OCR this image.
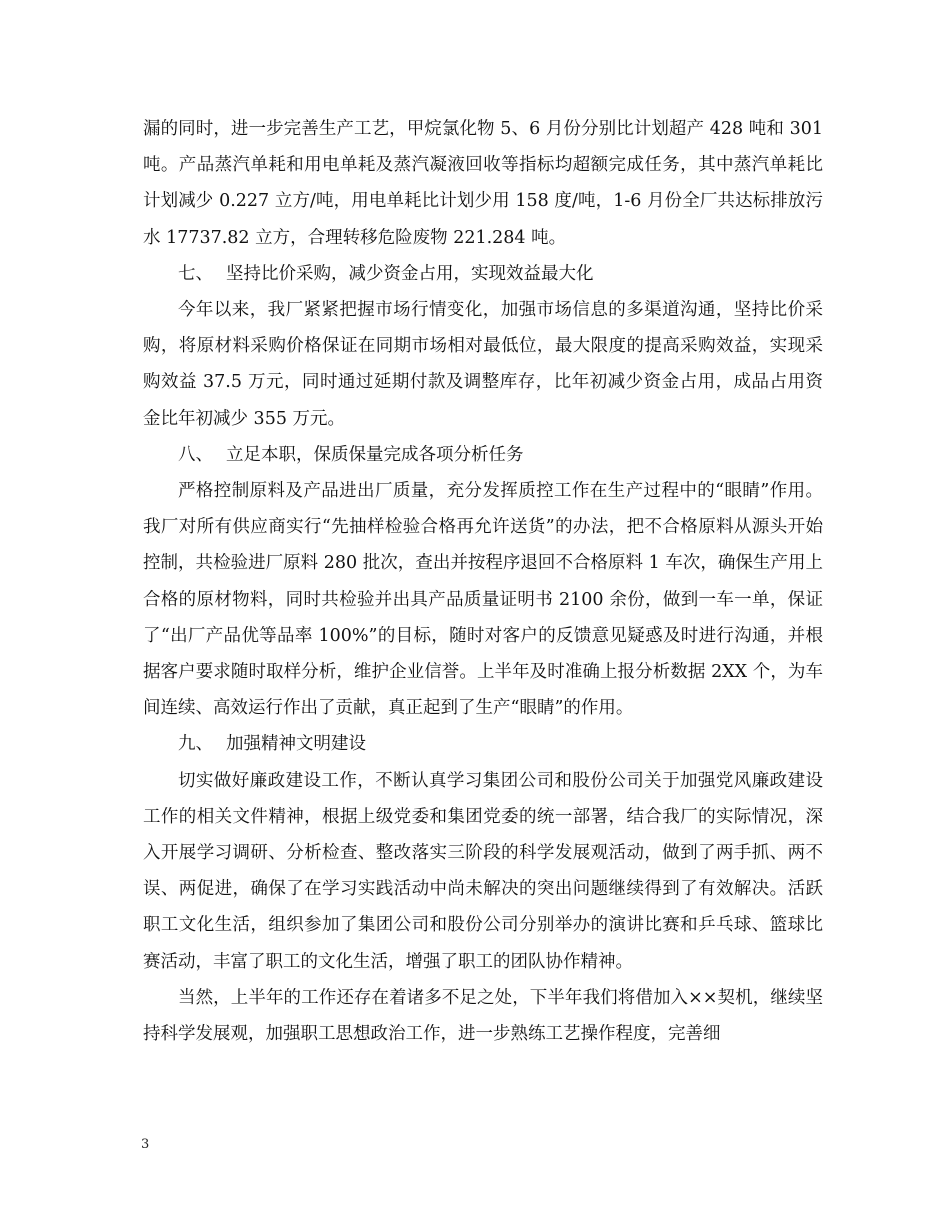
漏的同时，进一步完善生产工艺，甲烷氯化物 5、6 月份分别比计划超产 428 吨和 301 吨。产品蒸汽单耗和用电单耗及蒸汽凝液回收等指标均超额完成任务，其中蒸汽单耗比计划减少 0.227 立方/吨，用电单耗比计划少用 158 度/吨，1-6 月份全厂共达标排放污水 17737.82 立方，合理转移危险废物 221.284 吨。

七、 坚持比价采购，减少资金占用，实现效益最大化

今年以来，我厂紧紧把握市场行情变化，加强市场信息的多渠道沟通，坚持比价采购，将原材料采购价格保证在同期市场相对最低位，最大限度的提高采购效益，实现采购效益 37.5 万元，同时通过延期付款及调整库存，比年初减少资金占用，成品占用资金比年初减少 355 万元。

八、 立足本职，保质保量完成各项分析任务

严格控制原料及产品进出厂质量，充分发挥质控工作在生产过程中的“眼睛”作用。我厂对所有供应商实行“先抽样检验合格再允许送货”的办法，把不合格原料从源头开始控制，共检验进厂原料 280 批次，查出并按程序退回不合格原料 1 车次，确保生产用上合格的原材物料，同时共检验并出具产品质量证明书 2100 余份，做到一车一单，保证了“出厂产品优等品率 100%”的目标，随时对客户的反馈意见疑惑及时进行沟通，并根据客户要求随时取样分析，维护企业信誉。上半年及时准确上报分析数据 2XX 个，为车间连续、高效运行作出了贡献，真正起到了生产“眼睛”的作用。

九、 加强精神文明建设

切实做好廉政建设工作，不断认真学习集团公司和股份公司关于加强党风廉政建设工作的相关文件精神，根据上级党委和集团党委的统一部署，结合我厂的实际情况，深入开展学习调研、分析检查、整改落实三阶段的科学发展观活动，做到了两手抓、两不误、两促进，确保了在学习实践活动中尚未解决的突出问题继续得到了有效解决。活跃职工文化生活，组织参加了集团公司和股份公司分别举办的演讲比赛和乒乓球、篮球比赛活动，丰富了职工的文化生活，增强了职工的团队协作精神。

当然，上半年的工作还存在着诸多不足之处，下半年我们将借加入××契机，继续坚持科学发展观，加强职工思想政治工作，进一步熟练工艺操作程度，完善细

3
